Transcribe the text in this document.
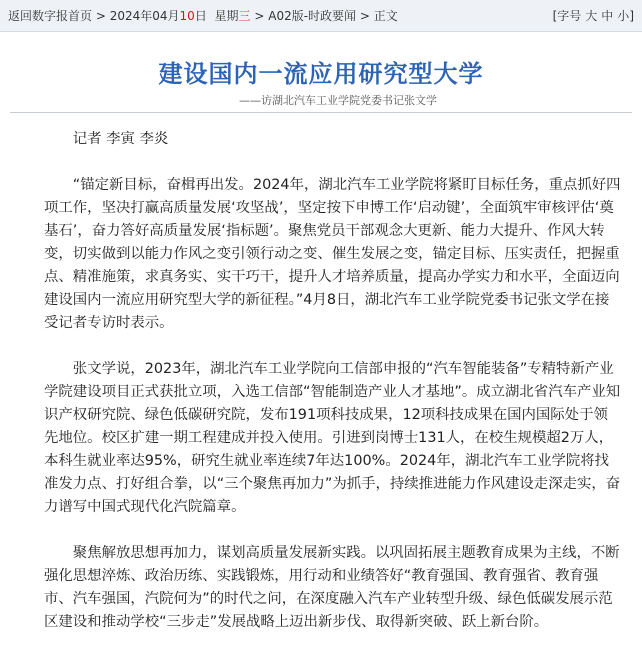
返回数字报首页 > 2024年04月10日 星期三 > A02版-时政要闻 > 正文	[字号 大 中 小]
建设国内一流应用研究型大学
——访湖北汽车工业学院党委书记张文学

记者 李寅 李炎

“锚定新目标，奋楫再出发。2024年，湖北汽车工业学院将紧盯目标任务，重点抓好四项工作，坚决打赢高质量发展‘攻坚战’，坚定按下申博工作‘启动键’，全面筑牢审核评估‘奠基石’，奋力答好高质量发展‘指标题’。聚焦党员干部观念大更新、能力大提升、作风大转变，切实做到以能力作风之变引领行动之变、催生发展之变，锚定目标、压实责任，把握重点、精准施策，求真务实、实干巧干，提升人才培养质量，提高办学实力和水平，全面迈向建设国内一流应用研究型大学的新征程。”4月8日，湖北汽车工业学院党委书记张文学在接受记者专访时表示。

张文学说，2023年，湖北汽车工业学院向工信部申报的“汽车智能装备”专精特新产业学院建设项目正式获批立项，入选工信部“智能制造产业人才基地”。成立湖北省汽车产业知识产权研究院、绿色低碳研究院，发布191项科技成果，12项科技成果在国内国际处于领先地位。校区扩建一期工程建成并投入使用。引进到岗博士131人，在校生规模超2万人，本科生就业率达95%，研究生就业率连续7年达100%。2024年，湖北汽车工业学院将找准发力点、打好组合拳，以“三个聚焦再加力”为抓手，持续推进能力作风建设走深走实，奋力谱写中国式现代化汽院篇章。

聚焦解放思想再加力，谋划高质量发展新实践。以巩固拓展主题教育成果为主线，不断强化思想淬炼、政治历练、实践锻炼，用行动和业绩答好“教育强国、教育强省、教育强市、汽车强国，汽院何为”的时代之问，在深度融入汽车产业转型升级、绿色低碳发展示范区建设和推动学校“三步走”发展战略上迈出新步伐、取得新突破、跃上新台阶。
